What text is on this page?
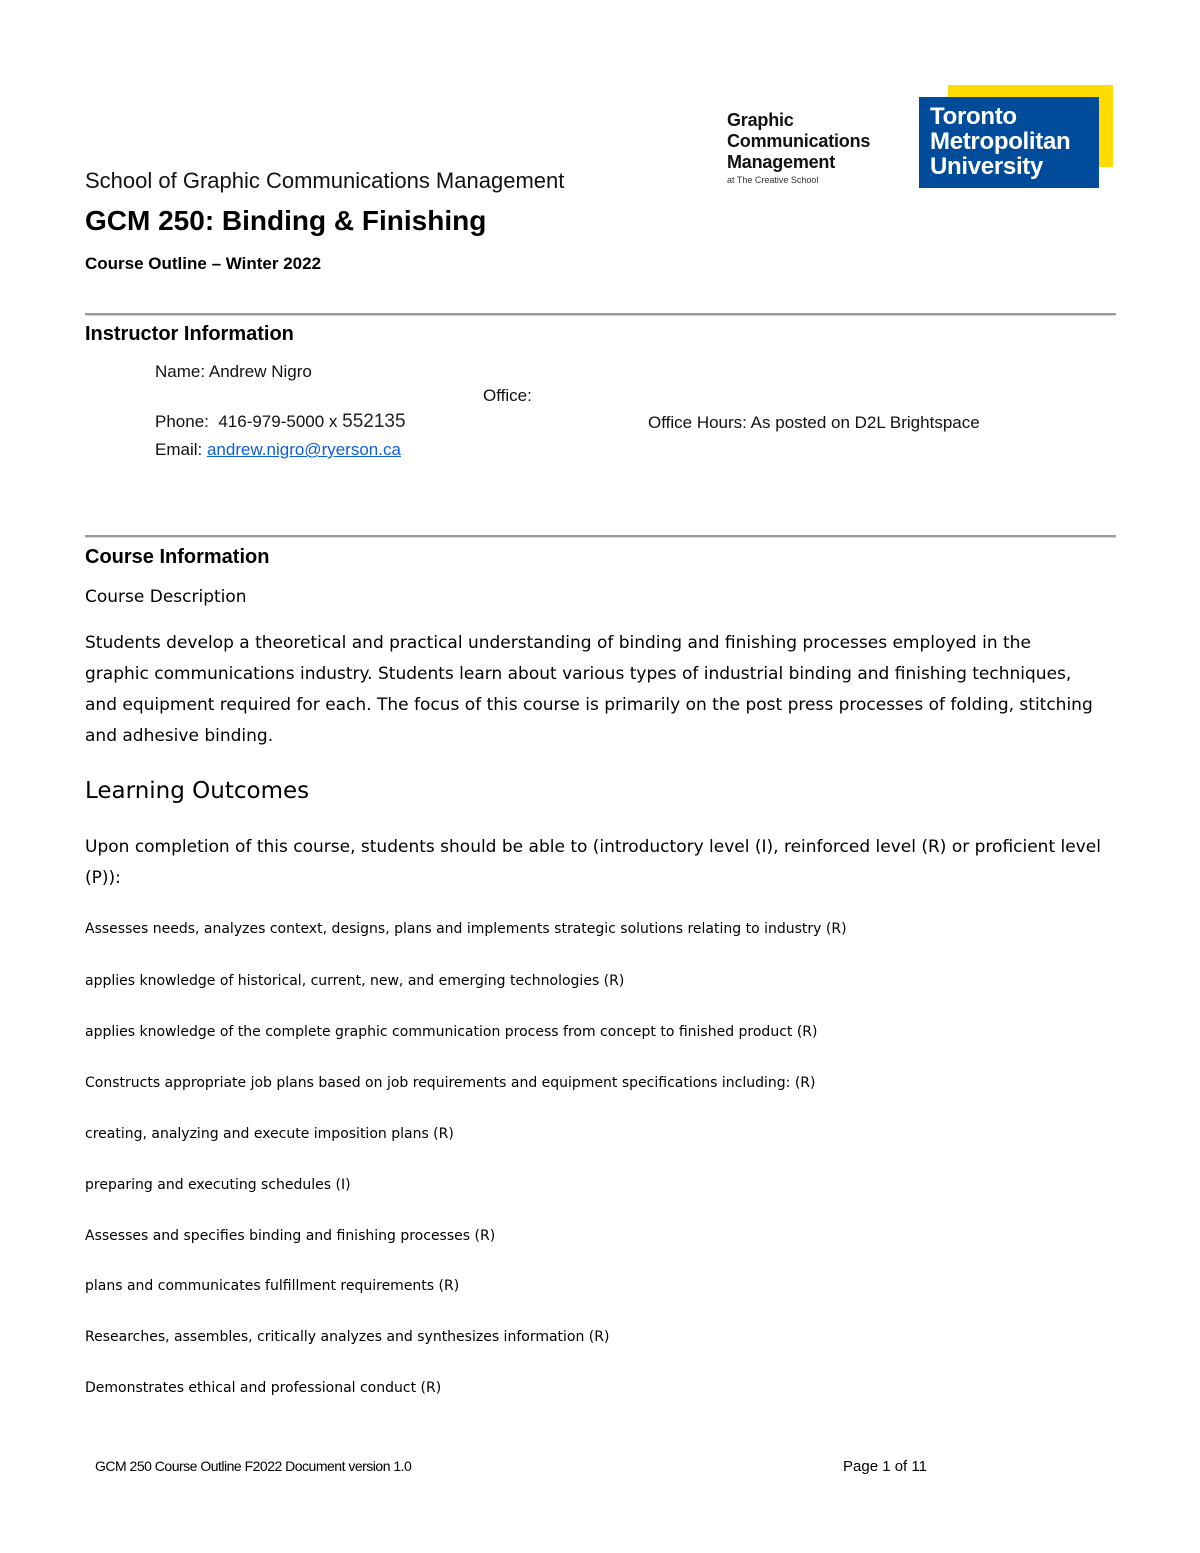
Graphic
Communications
Management
at The Creative School
Toronto
Metropolitan
University
School of Graphic Communications Management
GCM 250: Binding & Finishing
Course Outline – Winter 2022
Instructor Information
Name: Andrew Nigro
Office:
Phone:  416-979-5000 x 552135	Office Hours: As posted on D2L Brightspace
Email: andrew.nigro@ryerson.ca
Course Information
Course Description
Students develop a theoretical and practical understanding of binding and finishing processes employed in the graphic communications industry. Students learn about various types of industrial binding and finishing techniques, and equipment required for each. The focus of this course is primarily on the post press processes of folding, stitching and adhesive binding.
Learning Outcomes
Upon completion of this course, students should be able to (introductory level (I), reinforced level (R) or proficient level (P)):
Assesses needs, analyzes context, designs, plans and implements strategic solutions relating to industry (R)
applies knowledge of historical, current, new, and emerging technologies (R)
applies knowledge of the complete graphic communication process from concept to finished product (R)
Constructs appropriate job plans based on job requirements and equipment specifications including: (R)
creating, analyzing and execute imposition plans (R)
preparing and executing schedules (I)
Assesses and specifies binding and finishing processes (R)
plans and communicates fulfillment requirements (R)
Researches, assembles, critically analyzes and synthesizes information (R)
Demonstrates ethical and professional conduct (R)
GCM 250 Course Outline F2022 Document version 1.0	Page 1 of 11
